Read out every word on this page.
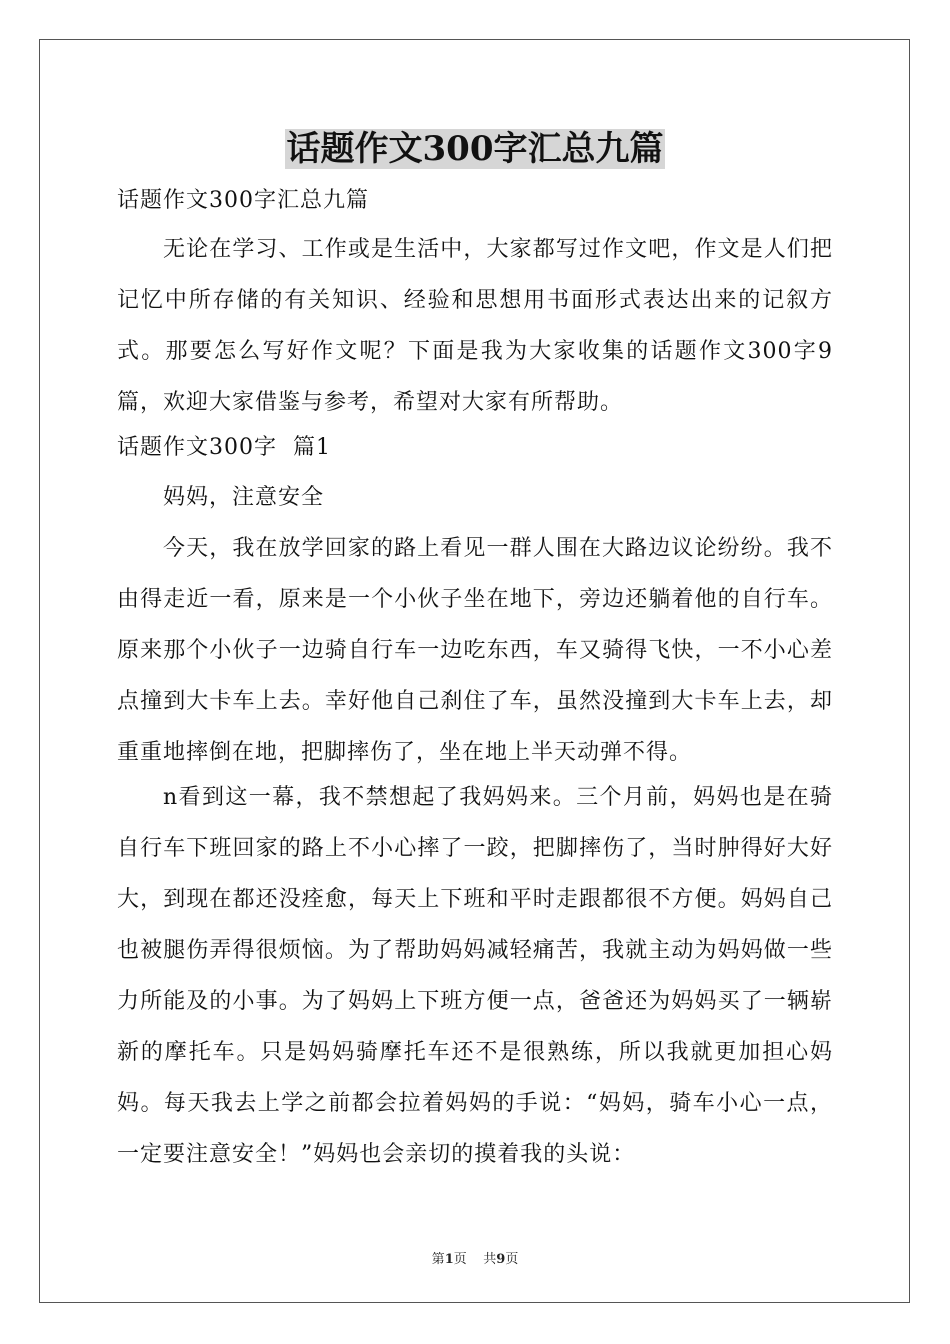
话题作文300字汇总九篇
话题作文300字汇总九篇
无论在学习、工作或是生活中，大家都写过作文吧，作文是人们把记忆中所存储的有关知识、经验和思想用书面形式表达出来的记叙方式。那要怎么写好作文呢？下面是我为大家收集的话题作文300字9篇，欢迎大家借鉴与参考，希望对大家有所帮助。
话题作文300字  篇1
妈妈，注意安全
今天，我在放学回家的路上看见一群人围在大路边议论纷纷。我不由得走近一看，原来是一个小伙子坐在地下，旁边还躺着他的自行车。原来那个小伙子一边骑自行车一边吃东西，车又骑得飞快，一不小心差点撞到大卡车上去。幸好他自己刹住了车，虽然没撞到大卡车上去，却重重地摔倒在地，把脚摔伤了，坐在地上半天动弹不得。
n看到这一幕，我不禁想起了我妈妈来。三个月前，妈妈也是在骑自行车下班回家的路上不小心摔了一跤，把脚摔伤了，当时肿得好大好大，到现在都还没痊愈，每天上下班和平时走跟都很不方便。妈妈自己也被腿伤弄得很烦恼。为了帮助妈妈减轻痛苦，我就主动为妈妈做一些力所能及的小事。为了妈妈上下班方便一点，爸爸还为妈妈买了一辆崭新的摩托车。只是妈妈骑摩托车还不是很熟练，所以我就更加担心妈妈。每天我去上学之前都会拉着妈妈的手说：“妈妈，骑车小心一点，一定要注意安全！”妈妈也会亲切的摸着我的头说：
第1页    共9页
